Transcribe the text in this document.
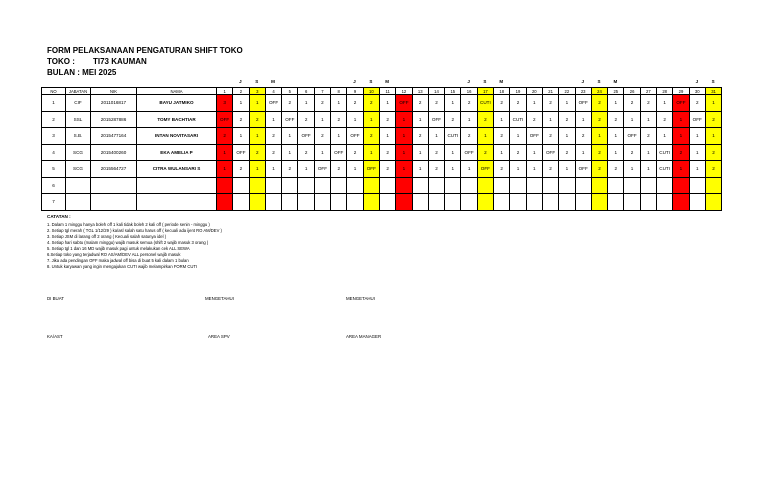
FORM PELAKSANAAN PENGATURAN SHIFT TOKO
TOKO : TI73 KAUMAN
BULAN : MEI 2025
J	S	M	J	S	M	J	S	M	J	S	M	J	S
NO	JABATAN	NIK	NAMA	1	2	3	4	5	6	7	8	9	10	11	12	13	14	15	16	17	18	19	20	21	22	23	24	25	26	27	28	29	30	31
1	CIF	2011016817	BAYU JATMIKO	3	1	1	OFF	2	1	2	1	2	2	1	OFF	2	2	1	2	CUTI	2	2	1	2	1	OFF	2	1	2	2	1	OFF	2	1
2	SSL	2015287886	TOMY BACHTIAR	OFF	2	2	1	OFF	2	1	2	1	1	2	1	1	OFF	2	1	2	1	CUTI	2	1	2	1	2	2	1	1	2	1	OFF	2
3	S.B.	2015477164	INTAN NOVITASARI	2	1	1	2	1	OFF	2	1	OFF	2	1	1	2	1	CUTI	2	1	2	1	OFF	2	1	2	1	1	OFF	2	1	1	1	1
4	SCG	2015400260	EKA AMELIA P	1	OFF	2	2	1	2	1	OFF	2	1	2	1	1	2	1	OFF	2	1	2	1	OFF	2	1	2	1	2	1	CUTI	2	1	2
5	SCG	2015564727	CITRA WULANSARI S	1	2	1	1	2	1	OFF	2	1	OFF	2	1	1	2	1	1	OFF	2	1	1	2	1	OFF	2	2	1	1	CUTI	1	1	2
6																																		
7																																		
CATATAN :
1. Dalam 1 minggu hanya boleh off 1 kali tidak boleh 2 kali off ( periode senin - minggu )
2. Setiap tgl merah ( TGL 1/12/29 ) ka/asl salah satu harus off ( kecuali ada ijent RO AM/DEV )
3. Setiap JSM di larang off 2 orang ( Kecuali salah satunya idel )
4. Setiap hari sabtu (malam minggu) wajib masuk semua (shift 2 wajib masuk 3 orang )
5. Setiap tgl 1 dan 16 MD wajib masuk pagi untuk melakukan cek ALL SEWA
6.Setiap toko yang terjadwal RO AS/AM/DEV ALL personel wajib masuk
7. Jika ada pendingan OFF maka jadwal off bisa di buat 5 kali dalam 1 bulan
8. Untuk karyawan yang ingin mengajukan CUTI wajib melampirkan FORM CUTI
DI BUAT	MENGETAHUI	MENGETAHUI
KA/AST	AREA SPV	AREA MANAGER
